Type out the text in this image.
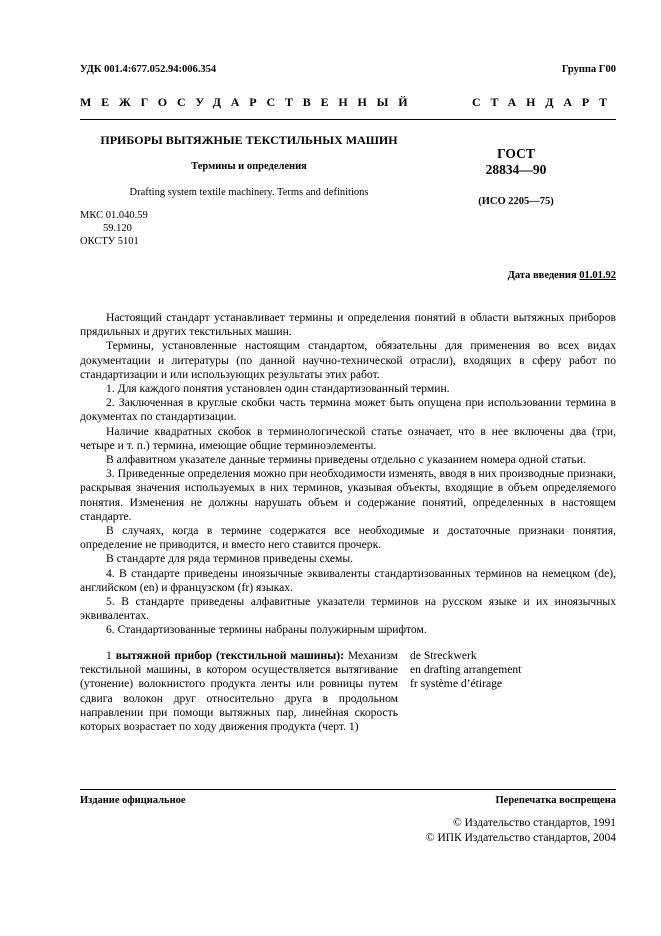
УДК 001.4:677.052.94:006.354	Группа Г00
МЕЖГОСУДАРСТВЕННЫЙ	СТАНДАРТ
ПРИБОРЫ ВЫТЯЖНЫЕ ТЕКСТИЛЬНЫХ МАШИН
Термины и определения
Drafting system textile machinery. Terms and definitions
ГОСТ
28834—90
(ИСО 2205—75)
МКС 01.040.59
59.120
ОКСТУ 5101
Дата введения 01.01.92

Настоящий стандарт устанавливает термины и определения понятий в области вытяжных приборов прядильных и других текстильных машин.

Термины, установленные настоящим стандартом, обязательны для применения во всех видах документации и литературы (по данной научно-технической отрасли), входящих в сферу работ по стандартизации и или использующих результаты этих работ.

1. Для каждого понятия установлен один стандартизованный термин.

2. Заключенная в круглые скобки часть термина может быть опущена при использовании термина в документах по стандартизации.

Наличие квадратных скобок в терминологической статье означает, что в нее включены два (три, четыре и т. п.) термина, имеющие общие терминоэлементы.

В алфавитном указателе данные термины приведены отдельно с указанием номера одной статьи.

3. Приведенные определения можно при необходимости изменять, вводя в них производные признаки, раскрывая значения используемых в них терминов, указывая объекты, входящие в объем определяемого понятия. Изменения не должны нарушать объем и содержание понятий, определенных в настоящем стандарте.

В случаях, когда в термине содержатся все необходимые и достаточные признаки понятия, определение не приводится, и вместо него ставится прочерк.

В стандарте для ряда терминов приведены схемы.

4. В стандарте приведены иноязычные эквиваленты стандартизованных терминов на немецком (de), английском (en) и французском (fr) языках.

5. В стандарте приведены алфавитные указатели терминов на русском языке и их иноязычных эквивалентах.

6. Стандартизованные термины набраны полужирным шрифтом.

1 вытяжной прибор (текстильной машины): Механизм текстильной машины, в котором осуществляется вытягивание (утонение) волокнистого продукта ленты или ровницы путем сдвига волокон друг относительно друга в продольном направлении при помощи вытяжных пар, линейная скорость которых возрастает по ходу движения продукта (черт. 1)
de Streckwerk
en drafting arrangement
fr système d’étirage
Издание официальное	Перепечатка воспрещена
© Издательство стандартов, 1991
© ИПК Издательство стандартов, 2004
